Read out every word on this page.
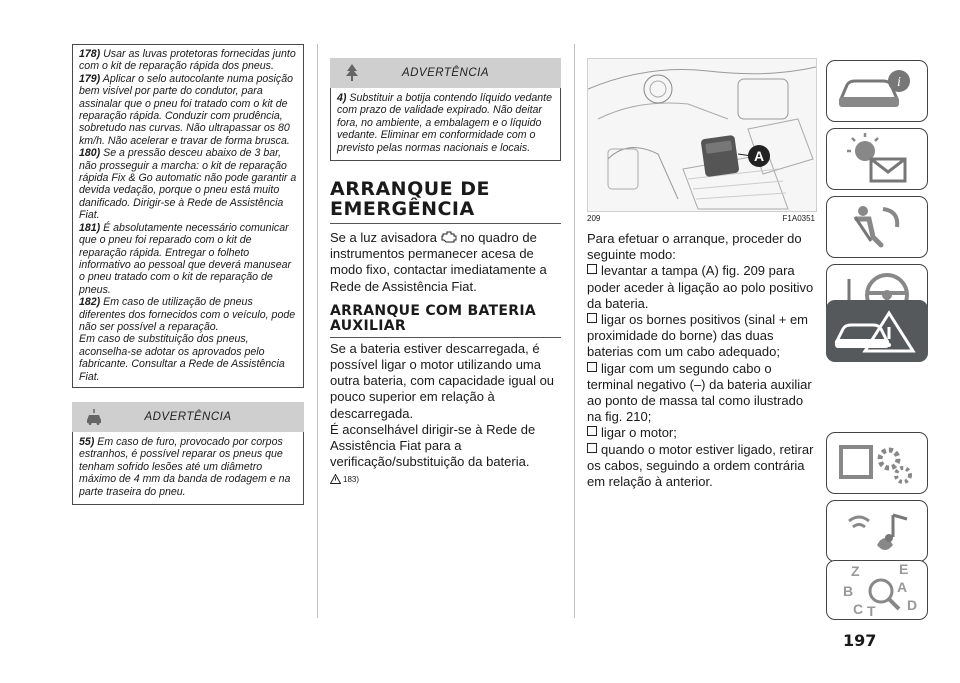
178) Usar as luvas protetoras fornecidas junto com o kit de reparação rápida dos pneus.

179) Aplicar o selo autocolante numa posição bem visível por parte do condutor, para assinalar que o pneu foi tratado com o kit de reparação rápida. Conduzir com prudência, sobretudo nas curvas. Não ultrapassar os 80 km/h. Não acelerar e travar de forma brusca.

180) Se a pressão desceu abaixo de 3 bar, não prosseguir a marcha: o kit de reparação rápida Fix & Go automatic não pode garantir a devida vedação, porque o pneu está muito danificado. Dirigir-se à Rede de Assistência Fiat.

181) É absolutamente necessário comunicar que o pneu foi reparado com o kit de reparação rápida. Entregar o folheto informativo ao pessoal que deverá manusear o pneu tratado com o kit de reparação de pneus.

182) Em caso de utilização de pneus diferentes dos fornecidos com o veículo, pode não ser possível a reparação.

Em caso de substituição dos pneus, aconselha-se adotar os aprovados pelo fabricante. Consultar a Rede de Assistência Fiat.

ADVERTÊNCIA

55) Em caso de furo, provocado por corpos estranhos, é possível reparar os pneus que tenham sofrido lesões até um diâmetro máximo de 4 mm da banda de rodagem e na parte traseira do pneu.

ADVERTÊNCIA

4) Substituir a botija contendo líquido vedante com prazo de validade expirado. Não deitar fora, no ambiente, a embalagem e o líquido vedante. Eliminar em conformidade com o previsto pelas normas nacionais e locais.

ARRANQUE DE EMERGÊNCIA

Se a luz avisadora no quadro de instrumentos permanecer acesa de modo fixo, contactar imediatamente a Rede de Assistência Fiat.

ARRANQUE COM BATERIA AUXILIAR

Se a bateria estiver descarregada, é possível ligar o motor utilizando uma outra bateria, com capacidade igual ou pouco superior em relação à descarregada.

É aconselhável dirigir-se à Rede de Assistência Fiat para a verificação/substituição da bateria.

183)

A
209	F1A0351

Para efetuar o arranque, proceder do seguinte modo:

levantar a tampa (A) fig. 209 para poder aceder à ligação ao polo positivo da bateria.

ligar os bornes positivos (sinal + em proximidade do borne) das duas baterias com um cabo adequado;

ligar com um segundo cabo o terminal negativo (–) da bateria auxiliar ao ponto de massa tal como ilustrado na fig. 210;

ligar o motor;

quando o motor estiver ligado, retirar os cabos, seguindo a ordem contrária em relação à anterior.

i
Z	E
B	A
C T D
197
